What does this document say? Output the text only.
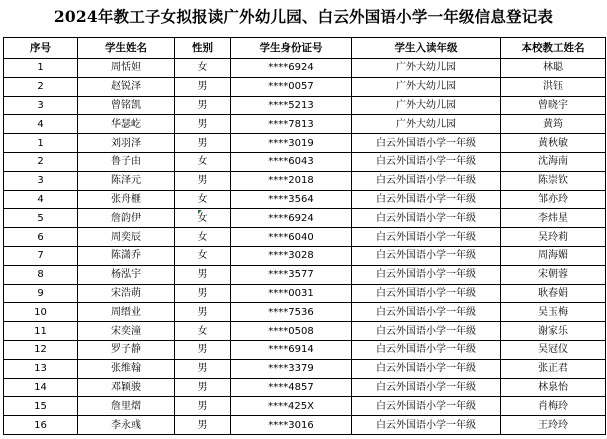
2024年教工子女拟报读广外幼儿园、白云外国语小学一年级信息登记表
序号	学生姓名	性别	学生身份证号	学生入读年级	本校教工姓名
1	周恬妲	女	****6924	广外大幼儿园	林聪
2	赵锐泽	男	****0057	广外大幼儿园	洪钰
3	曾铭凯	男	****5213	广外大幼儿园	曾晓宇
4	华瑟屹	男	****7813	广外大幼儿园	黄筠
1	刘羽泽	男	****3019	白云外国语小学一年级	黄秋敏
2	鲁子由	女	****6043	白云外国语小学一年级	沈海南
3	陈泽元	男	****2018	白云外国语小学一年级	陈崇钦
4	张舟榧	女	****3564	白云外国语小学一年级	邹亦玲
5	詹韵伊	女	****6924	白云外国语小学一年级	李炜星
6	周奕辰	女	****6040	白云外国语小学一年级	吴玲莉
7	陈潇乔	女	****3028	白云外国语小学一年级	周海媚
8	杨泓宇	男	****3577	白云外国语小学一年级	宋朝蓉
9	宋浩萌	男	****0031	白云外国语小学一年级	耿春娟
10	周缙业	男	****7536	白云外国语小学一年级	吴玉梅
11	宋奕潼	女	****0508	白云外国语小学一年级	谢家乐
12	罗子静	男	****6914	白云外国语小学一年级	吴冠仪
13	张维翰	男	****3379	白云外国语小学一年级	张正君
14	邓颖骏	男	****4857	白云外国语小学一年级	林泉怡
15	詹里熠	男	****425X	白云外国语小学一年级	肖梅玲
16	李永彧	男	****3016	白云外国语小学一年级	王玲玲
